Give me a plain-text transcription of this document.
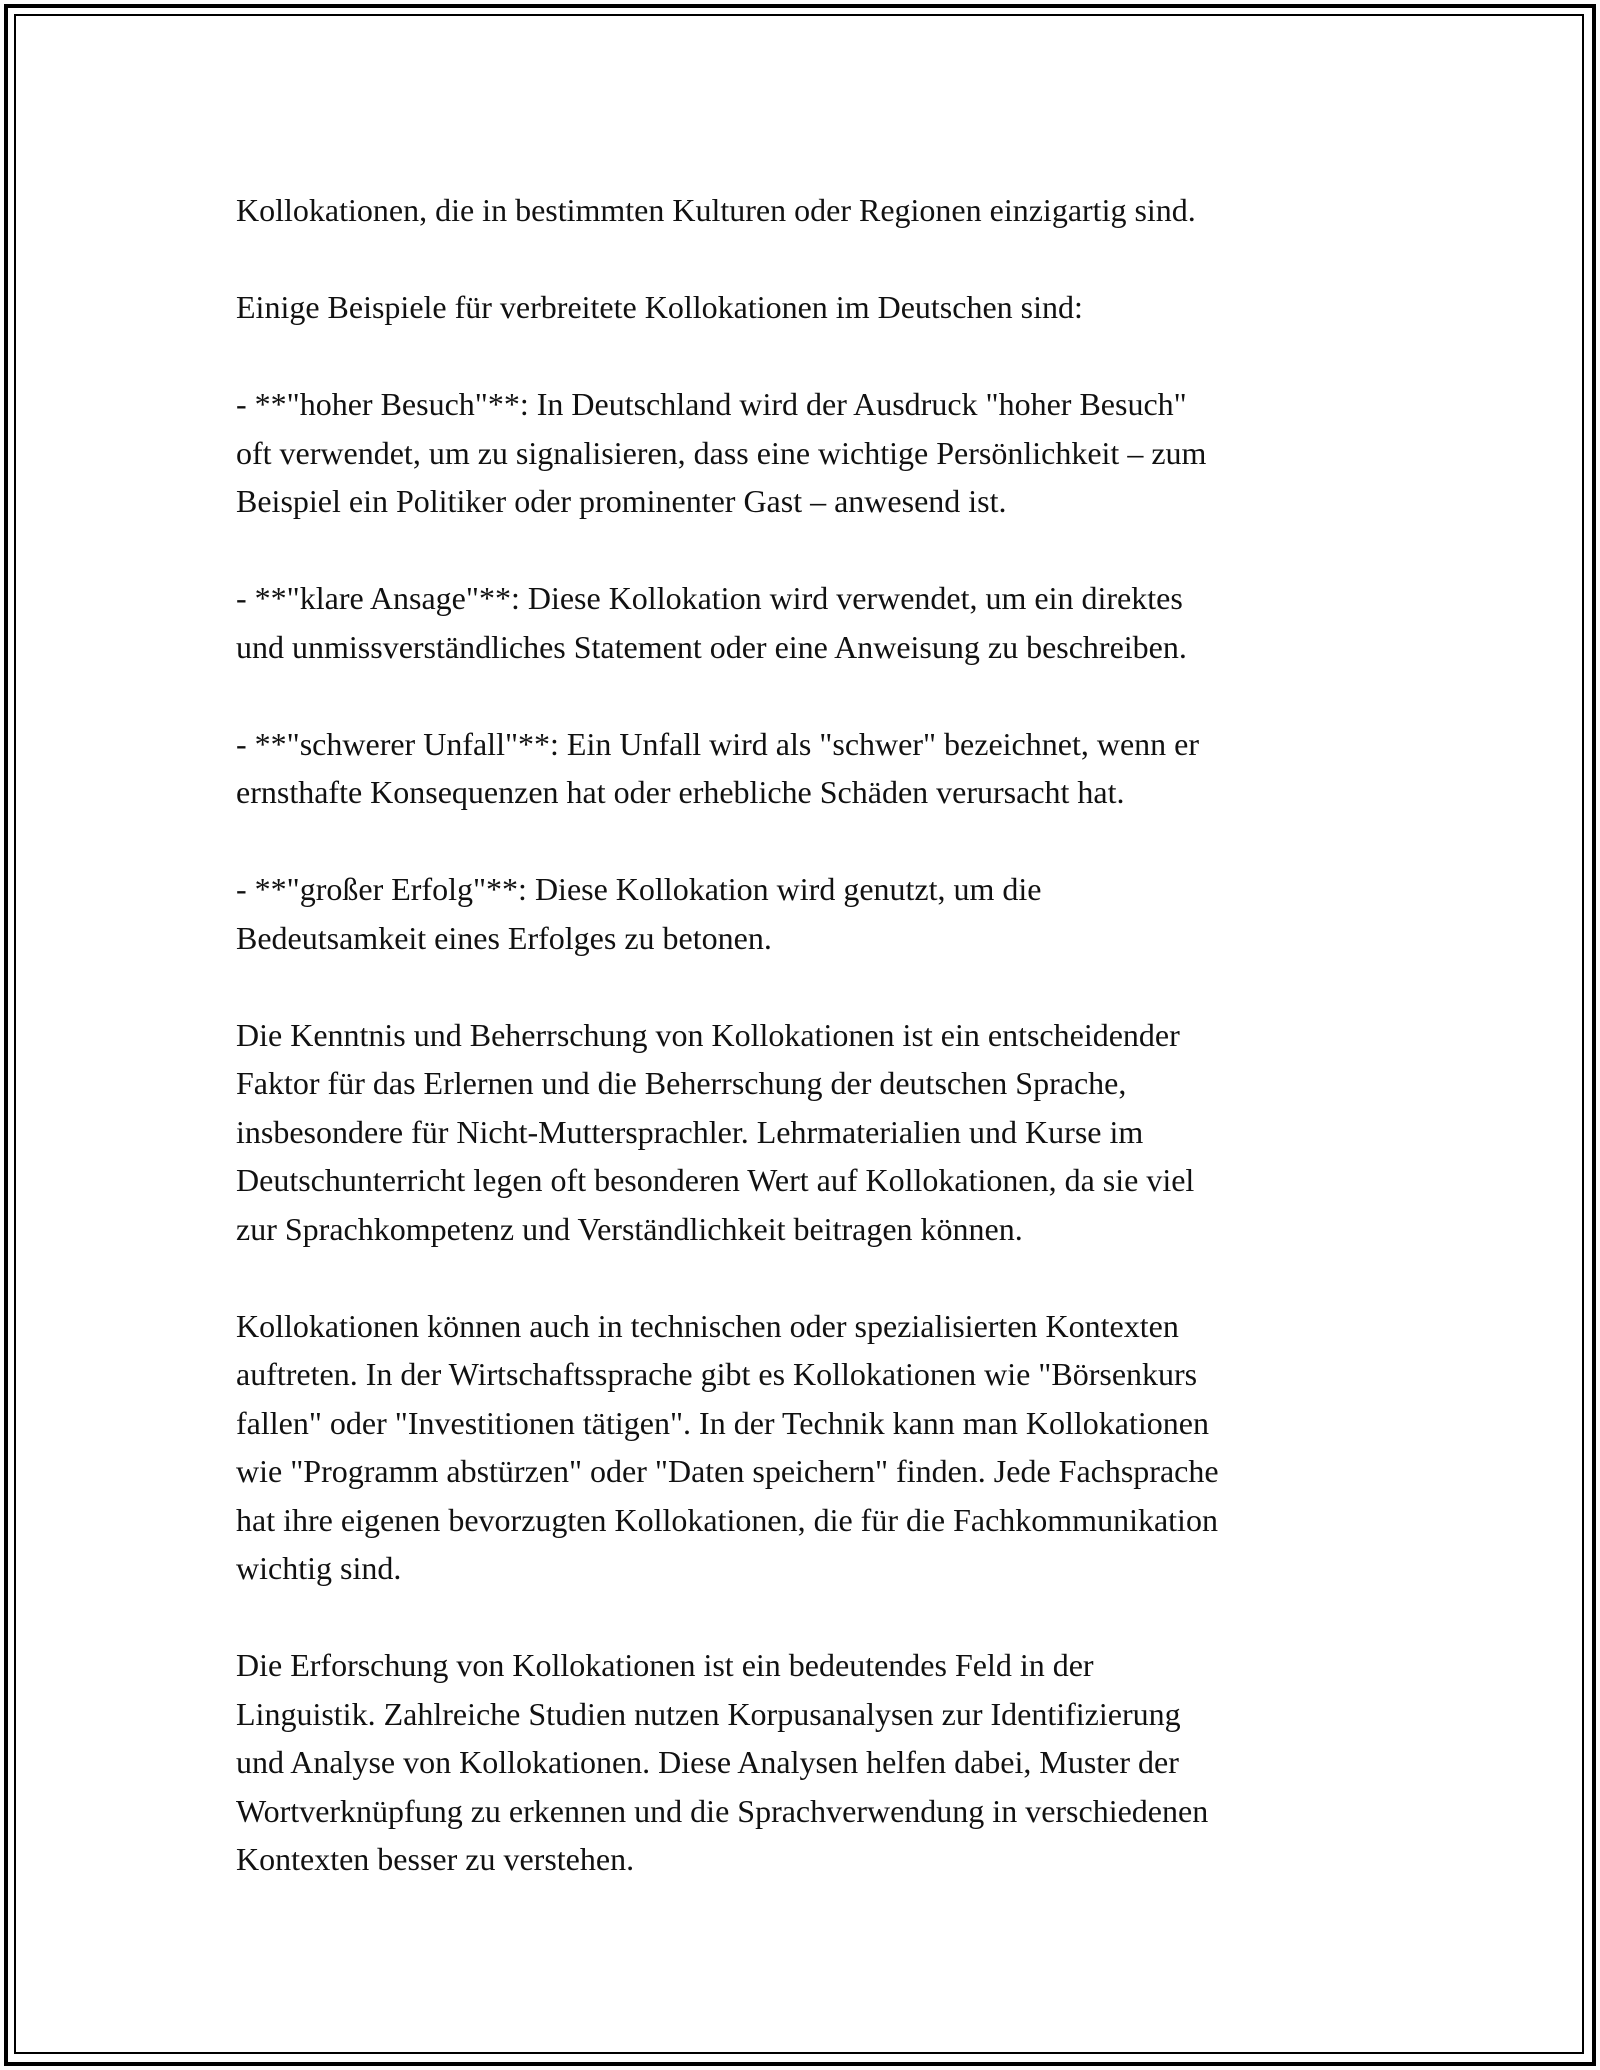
Kollokationen, die in bestimmten Kulturen oder Regionen einzigartig sind.

Einige Beispiele für verbreitete Kollokationen im Deutschen sind:

- **"hoher Besuch"**: In Deutschland wird der Ausdruck "hoher Besuch"
oft verwendet, um zu signalisieren, dass eine wichtige Persönlichkeit – zum
Beispiel ein Politiker oder prominenter Gast – anwesend ist.

- **"klare Ansage"**: Diese Kollokation wird verwendet, um ein direktes
und unmissverständliches Statement oder eine Anweisung zu beschreiben.

- **"schwerer Unfall"**: Ein Unfall wird als "schwer" bezeichnet, wenn er
ernsthafte Konsequenzen hat oder erhebliche Schäden verursacht hat.

- **"großer Erfolg"**: Diese Kollokation wird genutzt, um die
Bedeutsamkeit eines Erfolges zu betonen.

Die Kenntnis und Beherrschung von Kollokationen ist ein entscheidender
Faktor für das Erlernen und die Beherrschung der deutschen Sprache,
insbesondere für Nicht-Muttersprachler. Lehrmaterialien und Kurse im
Deutschunterricht legen oft besonderen Wert auf Kollokationen, da sie viel
zur Sprachkompetenz und Verständlichkeit beitragen können.

Kollokationen können auch in technischen oder spezialisierten Kontexten
auftreten. In der Wirtschaftssprache gibt es Kollokationen wie "Börsenkurs
fallen" oder "Investitionen tätigen". In der Technik kann man Kollokationen
wie "Programm abstürzen" oder "Daten speichern" finden. Jede Fachsprache
hat ihre eigenen bevorzugten Kollokationen, die für die Fachkommunikation
wichtig sind.

Die Erforschung von Kollokationen ist ein bedeutendes Feld in der
Linguistik. Zahlreiche Studien nutzen Korpusanalysen zur Identifizierung
und Analyse von Kollokationen. Diese Analysen helfen dabei, Muster der
Wortverknüpfung zu erkennen und die Sprachverwendung in verschiedenen
Kontexten besser zu verstehen.
